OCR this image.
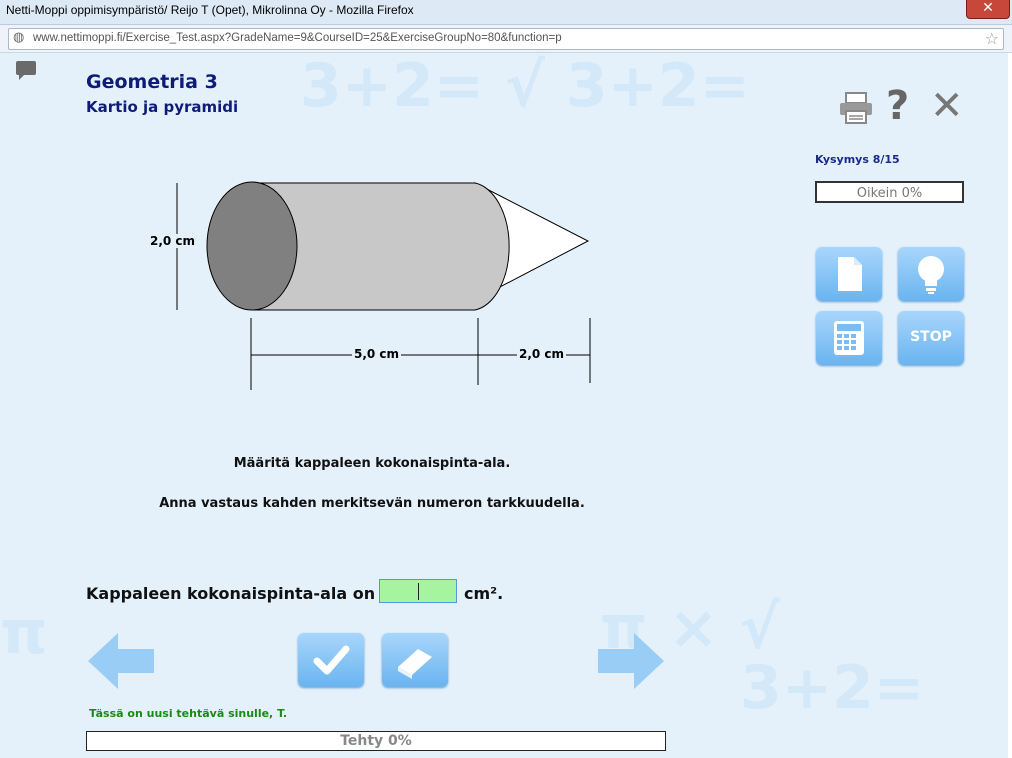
Netti-Moppi oppimisympäristö/ Reijo T (Opet), Mikrolinna Oy - Mozilla Firefox	✕
◍ www.nettimoppi.fi/Exercise_Test.aspx?GradeName=9&CourseID=25&ExerciseGroupNo=80&function=p	☆
3+2= √ 3+2=
π × √
π
3+2=
Geometria 3
Kartio ja pyramidi	? ✕
Kysymys 8/15
Oikein 0%
STOP
2,0 cm
5,0 cm	2,0 cm
Määritä kappaleen kokonaispinta-ala.
Anna vastaus kahden merkitsevän numeron tarkkuudella.
Kappaleen kokonaispinta-ala on	cm².
Tässä on uusi tehtävä sinulle, T.
Tehty 0%
